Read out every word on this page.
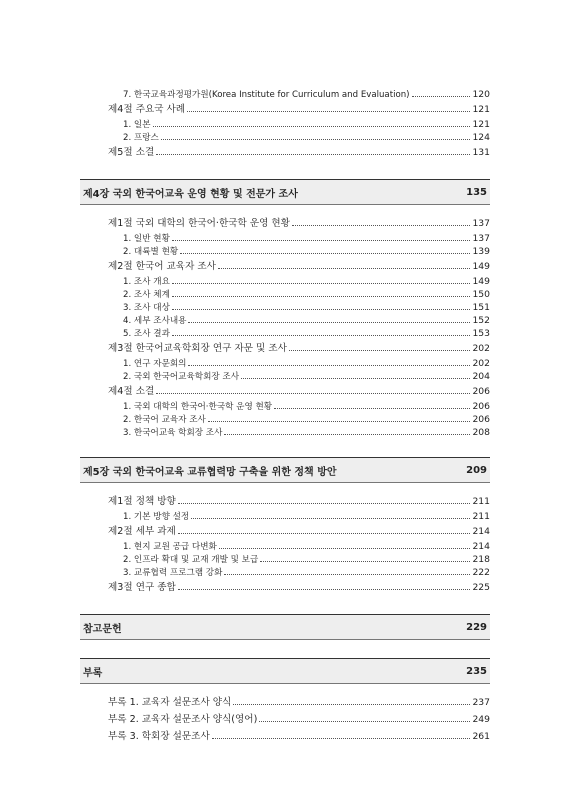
7. 한국교육과정평가원(Korea Institute for Curriculum and Evaluation)	120
제4절 주요국 사례	121
1. 일본	121
2. 프랑스	124
제5절 소결	131
제4장 국외 한국어교육 운영 현황 및 전문가 조사	135
제1절 국외 대학의 한국어·한국학 운영 현황	137
1. 일반 현황	137
2. 대륙별 현황	139
제2절 한국어 교육자 조사	149
1. 조사 개요	149
2. 조사 체계	150
3. 조사 대상	151
4. 세부 조사내용	152
5. 조사 결과	153
제3절 한국어교육학회장 연구 자문 및 조사	202
1. 연구 자문회의	202
2. 국외 한국어교육학회장 조사	204
제4절 소결	206
1. 국외 대학의 한국어·한국학 운영 현황	206
2. 한국어 교육자 조사	206
3. 한국어교육 학회장 조사	208
제5장 국외 한국어교육 교류협력망 구축을 위한 정책 방안	209
제1절 정책 방향	211
1. 기본 방향 설정	211
제2절 세부 과제	214
1. 현지 교원 공급 다변화	214
2. 인프라 확대 및 교재 개발 및 보급	218
3. 교류협력 프로그램 강화	222
제3절 연구 종합	225
참고문헌	229
부록	235
부록 1. 교육자 설문조사 양식	237
부록 2. 교육자 설문조사 양식(영어)	249
부록 3. 학회장 설문조사	261
